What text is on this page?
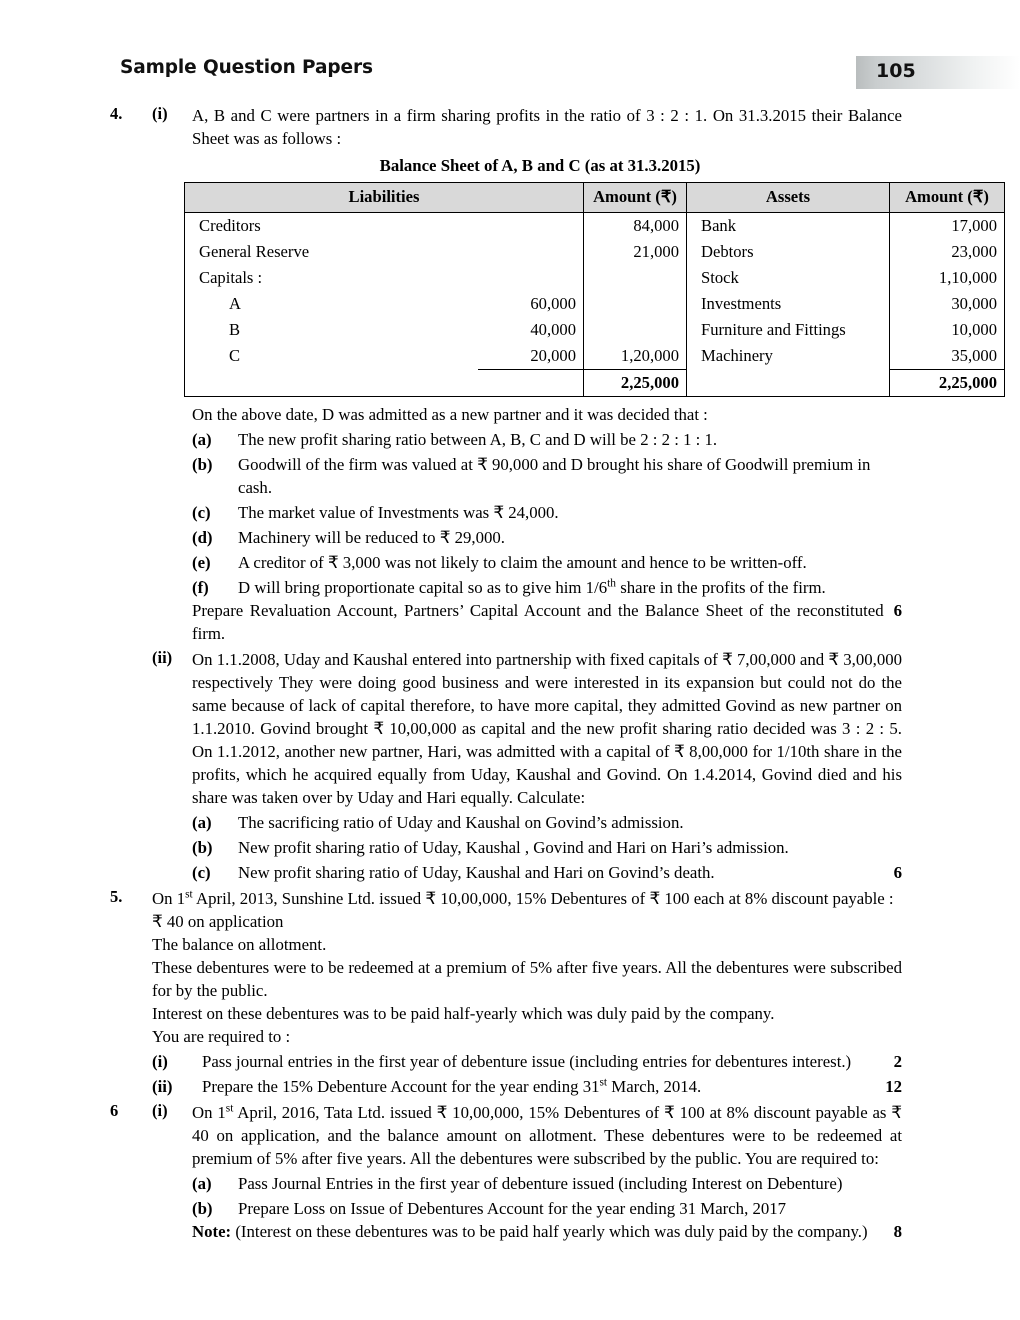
Sample Question Papers	105
4.	(i)	A, B and C were partners in a firm sharing profits in the ratio of 3 : 2 : 1. On 31.3.2015 their Balance Sheet was as follows :
Balance Sheet of A, B and C (as at 31.3.2015)
Liabilities		Amount (₹)	Assets	Amount (₹)
Creditors		84,000	Bank	17,000
General Reserve		21,000	Debtors	23,000
Capitals :			Stock	1,10,000
A	60,000		Investments	30,000
B	40,000		Furniture and Fittings	10,000
C	20,000	1,20,000	Machinery	35,000
		2,25,000		2,25,000
On the above date, D was admitted as a new partner and it was decided that :
(a)	The new profit sharing ratio between A, B, C and D will be 2 : 2 : 1 : 1.
(b)	Goodwill of the firm was valued at ₹ 90,000 and D brought his share of Goodwill premium in cash.
(c)	The market value of Investments was ₹ 24,000.
(d)	Machinery will be reduced to ₹ 29,000.
(e)	A creditor of ₹ 3,000 was not likely to claim the amount and hence to be written-off.
(f)	D will bring proportionate capital so as to give him 1/6th share in the profits of the firm.
6
Prepare Revaluation Account, Partners’ Capital Account and the Balance Sheet of the reconstituted firm.
(ii)	On 1.1.2008, Uday and Kaushal entered into partnership with fixed capitals of ₹ 7,00,000 and ₹ 3,00,000 respectively They were doing good business and were interested in its expansion but could not do the same because of lack of capital therefore, to have more capital, they admitted Govind as new partner on 1.1.2010. Govind brought ₹ 10,00,000 as capital and the new profit sharing ratio decided was 3 : 2 : 5. On 1.1.2012, another new partner, Hari, was admitted with a capital of ₹ 8,00,000 for 1/10th share in the profits, which he acquired equally from Uday, Kaushal and Govind. On 1.4.2014, Govind died and his share was taken over by Uday and Hari equally. Calculate:
(a)	The sacrificing ratio of Uday and Kaushal on Govind’s admission.
(b)	New profit sharing ratio of Uday, Kaushal , Govind and Hari on Hari’s admission.
(c)	6
New profit sharing ratio of Uday, Kaushal and Hari on Govind’s death.
5.	On 1st April, 2013, Sunshine Ltd. issued ₹ 10,00,000, 15% Debentures of ₹ 100 each at 8% discount payable :
₹ 40 on application
The balance on allotment.
These debentures were to be redeemed at a premium of 5% after five years. All the debentures were subscribed for by the public.
Interest on these debentures was to be paid half-yearly which was duly paid by the company.
You are required to :
(i)	2
Pass journal entries in the first year of debenture issue (including entries for debentures interest.)
(ii)	12
Prepare the 15% Debenture Account for the year ending 31st March, 2014.
6	(i)	On 1st April, 2016, Tata Ltd. issued ₹ 10,00,000, 15% Debentures of ₹ 100 at 8% discount payable as ₹ 40 on application, and the balance amount on allotment. These debentures were to be redeemed at premium of 5% after five years. All the debentures were subscribed by the public. You are required to:
(a)	Pass Journal Entries in the first year of debenture issued (including Interest on Debenture)
(b)	Prepare Loss on Issue of Debentures Account for the year ending 31 March, 2017
8
Note: (Interest on these debentures was to be paid half yearly which was duly paid by the company.)
